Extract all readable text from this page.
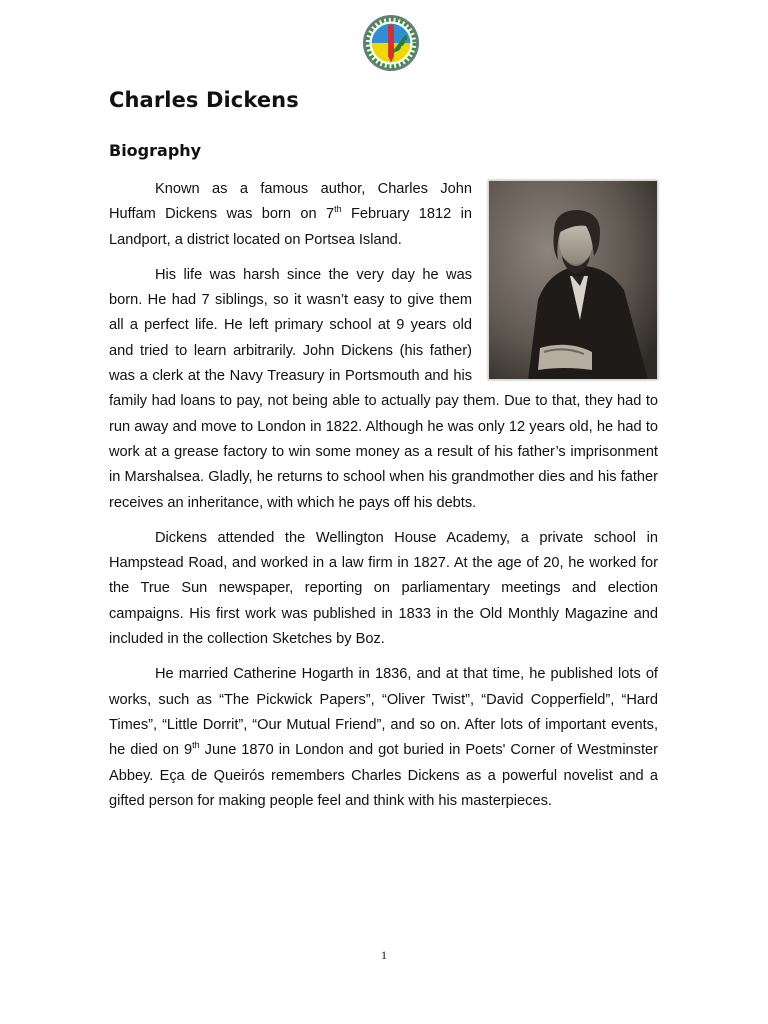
Charles Dickens
Biography

Known as a famous author, Charles John Huffam Dickens was born on 7th February 1812 in Landport, a district located on Portsea Island.

His life was harsh since the very day he was born. He had 7 siblings, so it wasn’t easy to give them all a perfect life. He left primary school at 9 years old and tried to learn arbitrarily. John Dickens (his father) was a clerk at the Navy Treasury in Portsmouth and his family had loans to pay, not being able to actually pay them. Due to that, they had to run away and move to London in 1822. Although he was only 12 years old, he had to work at a grease factory to win some money as a result of his father’s imprisonment in Marshalsea. Gladly, he returns to school when his grandmother dies and his father receives an inheritance, with which he pays off his debts.

Dickens attended the Wellington House Academy, a private school in Hampstead Road, and worked in a law firm in 1827. At the age of 20, he worked for the True Sun newspaper, reporting on parliamentary meetings and election campaigns. His first work was published in 1833 in the Old Monthly Magazine and included in the collection Sketches by Boz.

He married Catherine Hogarth in 1836, and at that time, he published lots of works, such as “The Pickwick Papers”, “Oliver Twist”, “David Copperfield”, “Hard Times”, “Little Dorrit”, “Our Mutual Friend”, and so on. After lots of important events, he died on 9th June 1870 in London and got buried in Poets' Corner of Westminster Abbey. Eça de Queirós remembers Charles Dickens as a powerful novelist and a gifted person for making people feel and think with his masterpieces.

1
